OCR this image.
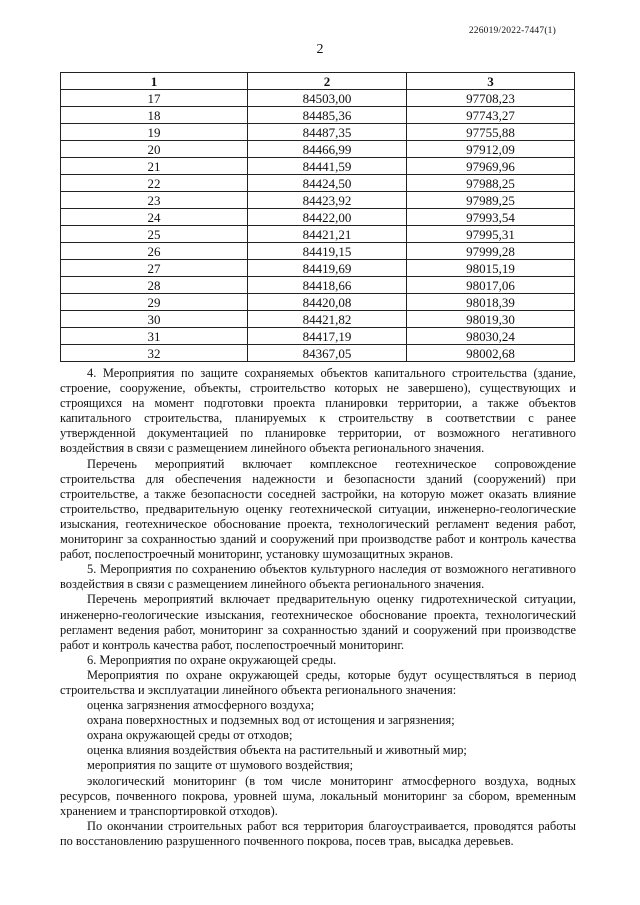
226019/2022-7447(1)
2
1	2	3
17	84503,00	97708,23
18	84485,36	97743,27
19	84487,35	97755,88
20	84466,99	97912,09
21	84441,59	97969,96
22	84424,50	97988,25
23	84423,92	97989,25
24	84422,00	97993,54
25	84421,21	97995,31
26	84419,15	97999,28
27	84419,69	98015,19
28	84418,66	98017,06
29	84420,08	98018,39
30	84421,82	98019,30
31	84417,19	98030,24
32	84367,05	98002,68

4. Мероприятия по защите сохраняемых объектов капитального строительства (здание, строение, сооружение, объекты, строительство которых не завершено), существующих и строящихся на момент подготовки проекта планировки территории, а также объектов капитального строительства, планируемых к строительству в соответствии с ранее утвержденной документацией по планировке территории, от возможного негативного воздействия в связи с размещением линейного объекта регионального значения.

Перечень мероприятий включает комплексное геотехническое сопровождение строительства для обеспечения надежности и безопасности зданий (сооружений) при строительстве, а также безопасности соседней застройки, на которую может оказать влияние строительство, предварительную оценку геотехнической ситуации, инженерно-геологические изыскания, геотехническое обоснование проекта, технологический регламент ведения работ, мониторинг за сохранностью зданий и сооружений при производстве работ и контроль качества работ, послепостроечный мониторинг, установку шумозащитных экранов.

5. Мероприятия по сохранению объектов культурного наследия от возможного негативного воздействия в связи с размещением линейного объекта регионального значения.

Перечень мероприятий включает предварительную оценку гидротехнической ситуации, инженерно-геологические изыскания, геотехническое обоснование проекта, технологический регламент ведения работ, мониторинг за сохранностью зданий и сооружений при производстве работ и контроль качества работ, послепостроечный мониторинг.

6. Мероприятия по охране окружающей среды.

Мероприятия по охране окружающей среды, которые будут осуществляться в период строительства и эксплуатации линейного объекта регионального значения:

оценка загрязнения атмосферного воздуха;

охрана поверхностных и подземных вод от истощения и загрязнения;

охрана окружающей среды от отходов;

оценка влияния воздействия объекта на растительный и животный мир;

мероприятия по защите от шумового воздействия;

экологический мониторинг (в том числе мониторинг атмосферного воздуха, водных ресурсов, почвенного покрова, уровней шума, локальный мониторинг за сбором, временным хранением и транспортировкой отходов).

По окончании строительных работ вся территория благоустраивается, проводятся работы по восстановлению разрушенного почвенного покрова, посев трав, высадка деревьев.
